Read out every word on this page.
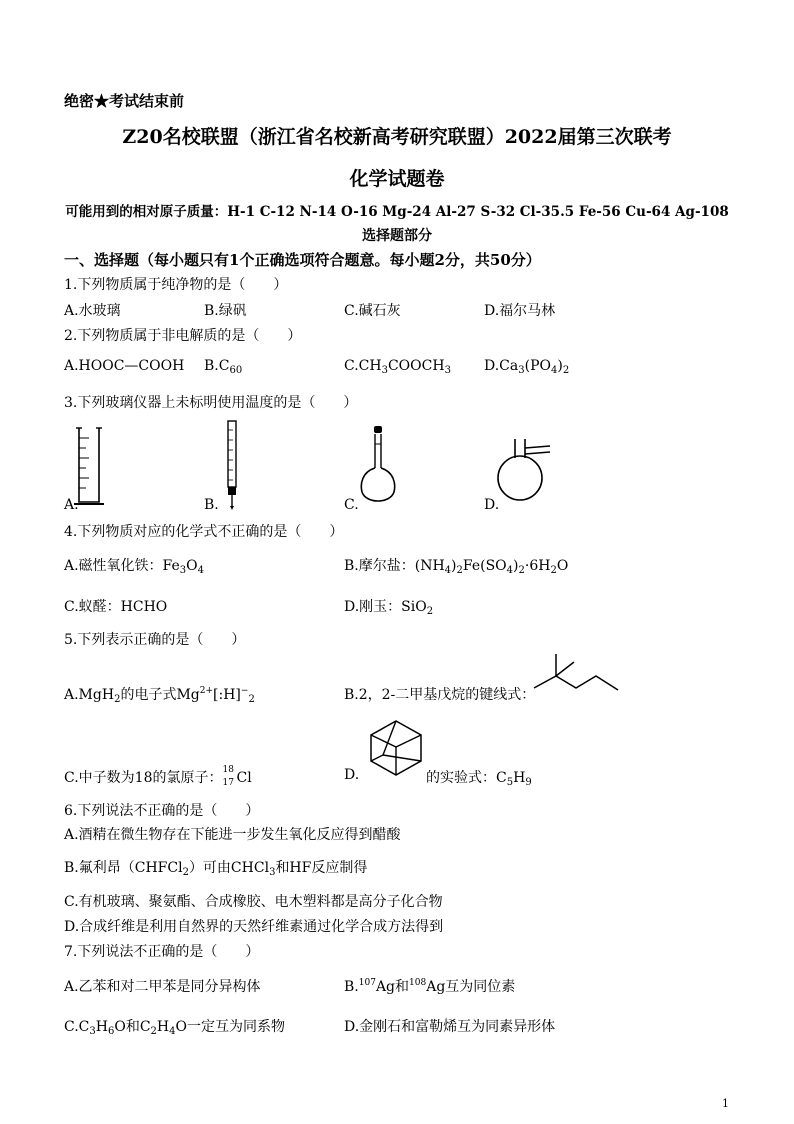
绝密★考试结束前
Z20名校联盟（浙江省名校新高考研究联盟）2022届第三次联考
化学试题卷
可能用到的相对原子质量：H-1 C-12 N-14 O-16 Mg-24 Al-27 S-32 Cl-35.5 Fe-56 Cu-64 Ag-108
选择题部分
一、选择题（每小题只有1个正确选项符合题意。每小题2分，共50分）
1.下列物质属于纯净物的是（　　）
A.水玻璃	B.绿矾	C.碱石灰	D.福尔马林
2.下列物质属于非电解质的是（　　）
A.HOOC—COOH $B.C_{60}$	$C.CH_3COOCH_3$ $D.Ca_3(PO_4)_2$
3.下列玻璃仪器上未标明使用温度的是（　　）
A.	B.	C.	D.
4.下列物质对应的化学式不正确的是（　　）
A.磁性氧化铁：$Fe_3O_4$	B.摩尔盐：$(NH_4)_2Fe(SO_4)_2\cdot 6H_2O$
C.蚁醛：HCHO	D.刚玉：SiO$_2$
5.下列表示正确的是（　　）
A.MgH$_2$的电子式$Mg^{2+}[:H]^-_2$	B.2，2-二甲基戊烷的键线式：
C.中子数为18的氯原子： 18
17 Cl	D.	的实验式：$C_5H_9$
6.下列说法不正确的是（　　）
A.酒精在微生物存在下能进一步发生氧化反应得到醋酸
B.氟利昂（CHFCl$_2$）可由CHCl$_3$和HF反应制得
C.有机玻璃、聚氨酯、合成橡胶、电木塑料都是高分子化合物
D.合成纤维是利用自然界的天然纤维素通过化学合成方法得到
7.下列说法不正确的是（　　）
A.乙苯和对二甲苯是同分异构体	B.$^{107}$Ag和$^{108}$Ag互为同位素
$C.C_3H_6O$和$C_2H_4O$一定互为同系物	D.金刚石和富勒烯互为同素异形体
1
